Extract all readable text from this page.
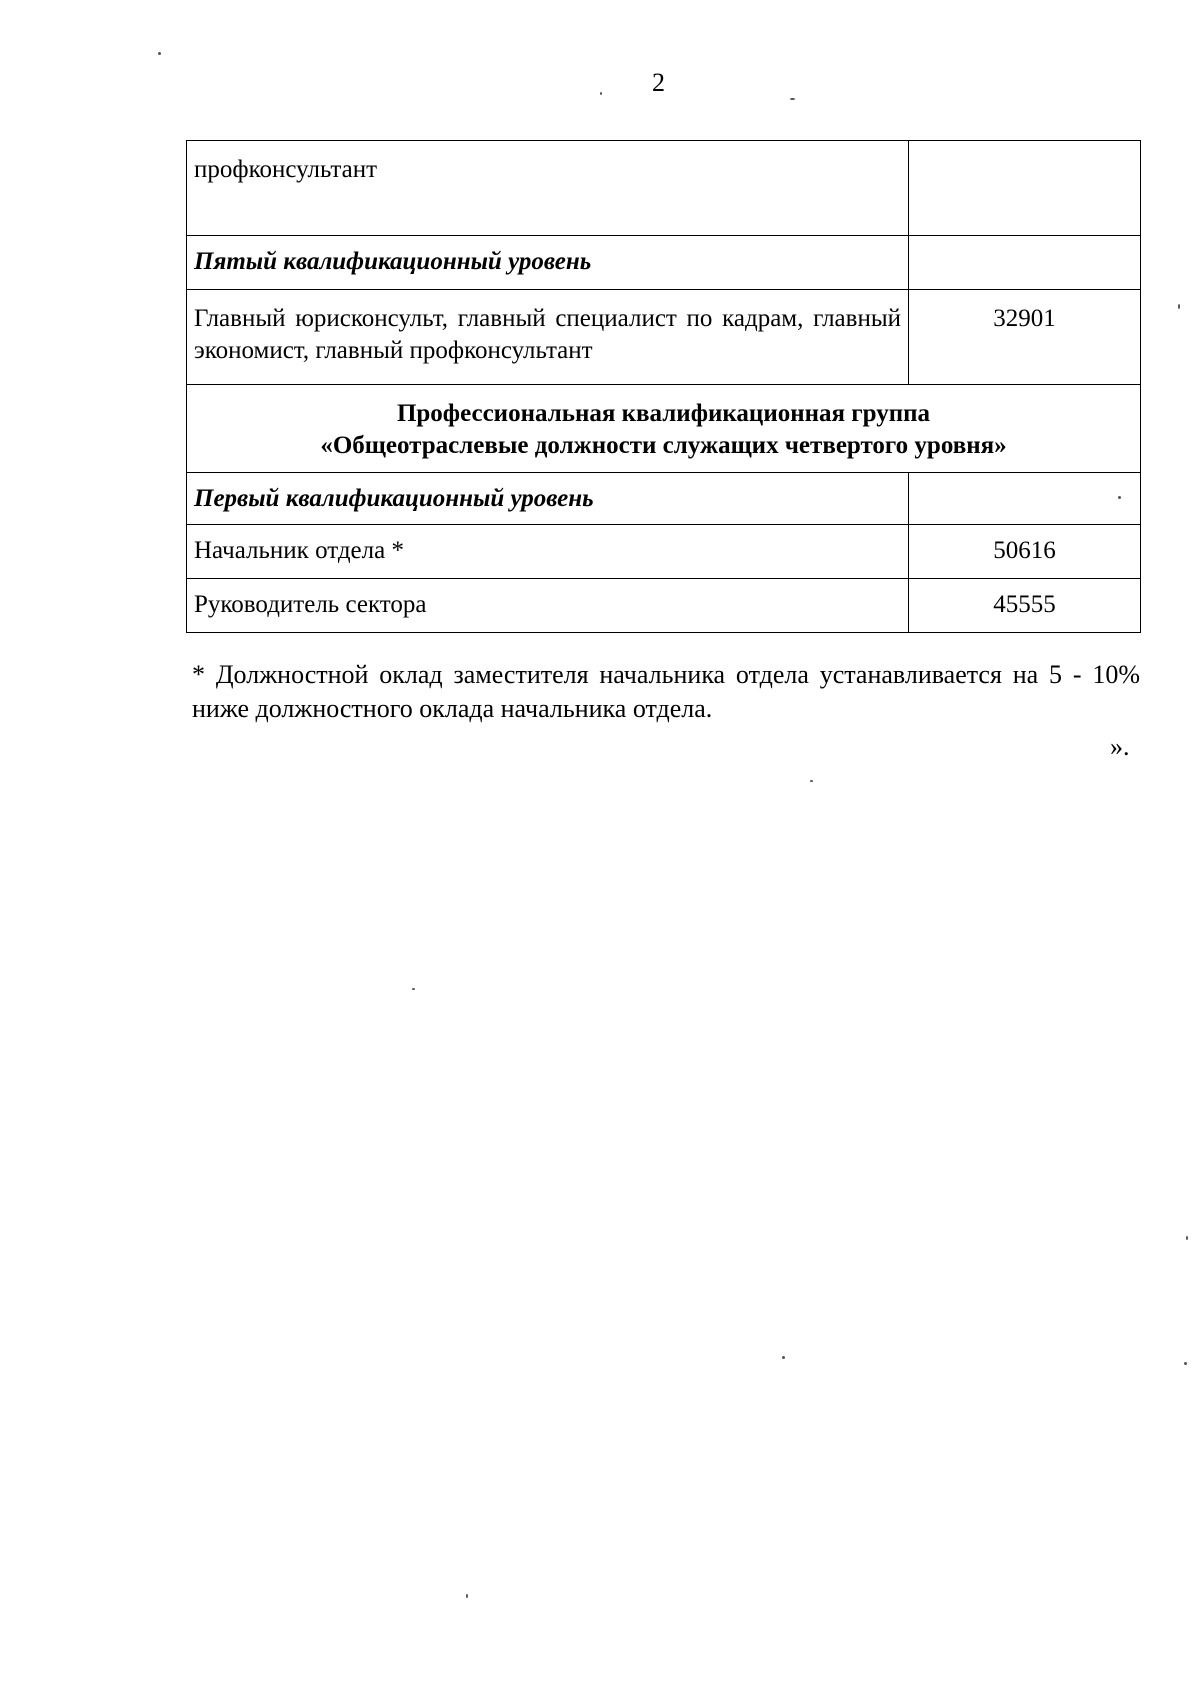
2
профконсультант	
Пятый квалификационный уровень	
Главный юрисконсульт, главный специалист по кадрам, главный экономист, главный профконсультант	32901

Профессиональная квалификационная группа
«Общеотраслевые должности служащих четвертого уровня»	

Первый квалификационный уровень	
Начальник отдела *	50616
Руководитель сектора	45555
* Должностной оклад заместителя начальника отдела устанавливается на 5 - 10% ниже должностного оклада начальника отдела.
».
